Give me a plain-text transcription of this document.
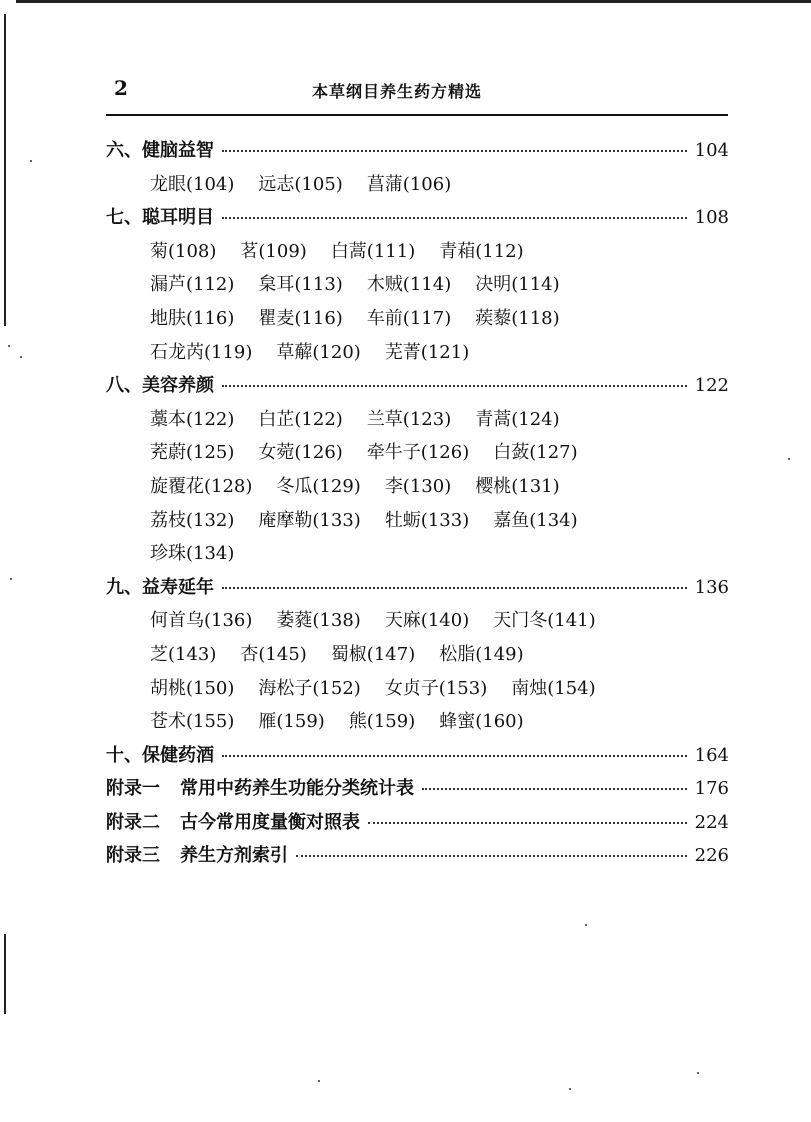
2	本草纲目养生药方精选
六、健脑益智	104
龙眼(104) 远志(105) 菖蒲(106)
七、聪耳明目	108
菊(108) 茗(109) 白蒿(111) 青葙(112)
漏芦(112) 枲耳(113) 木贼(114) 决明(114)
地肤(116) 瞿麦(116) 车前(117) 蒺藜(118)
石龙芮(119) 草薢(120) 芜菁(121)
八、美容养颜	122
藁本(122) 白芷(122) 兰草(123) 青蒿(124)
茺蔚(125) 女菀(126) 牵牛子(126) 白蔹(127)
旋覆花(128) 冬瓜(129) 李(130) 樱桃(131)
荔枝(132) 庵摩勒(133) 牡蛎(133) 嘉鱼(134)
珍珠(134)
九、益寿延年	136
何首乌(136) 萎蕤(138) 天麻(140) 天门冬(141)
芝(143) 杏(145) 蜀椒(147) 松脂(149)
胡桃(150) 海松子(152) 女贞子(153) 南烛(154)
苍术(155) 雁(159) 熊(159) 蜂蜜(160)
十、保健药酒	164
附录一 常用中药养生功能分类统计表	176
附录二 古今常用度量衡对照表	224
附录三 养生方剂索引	226
